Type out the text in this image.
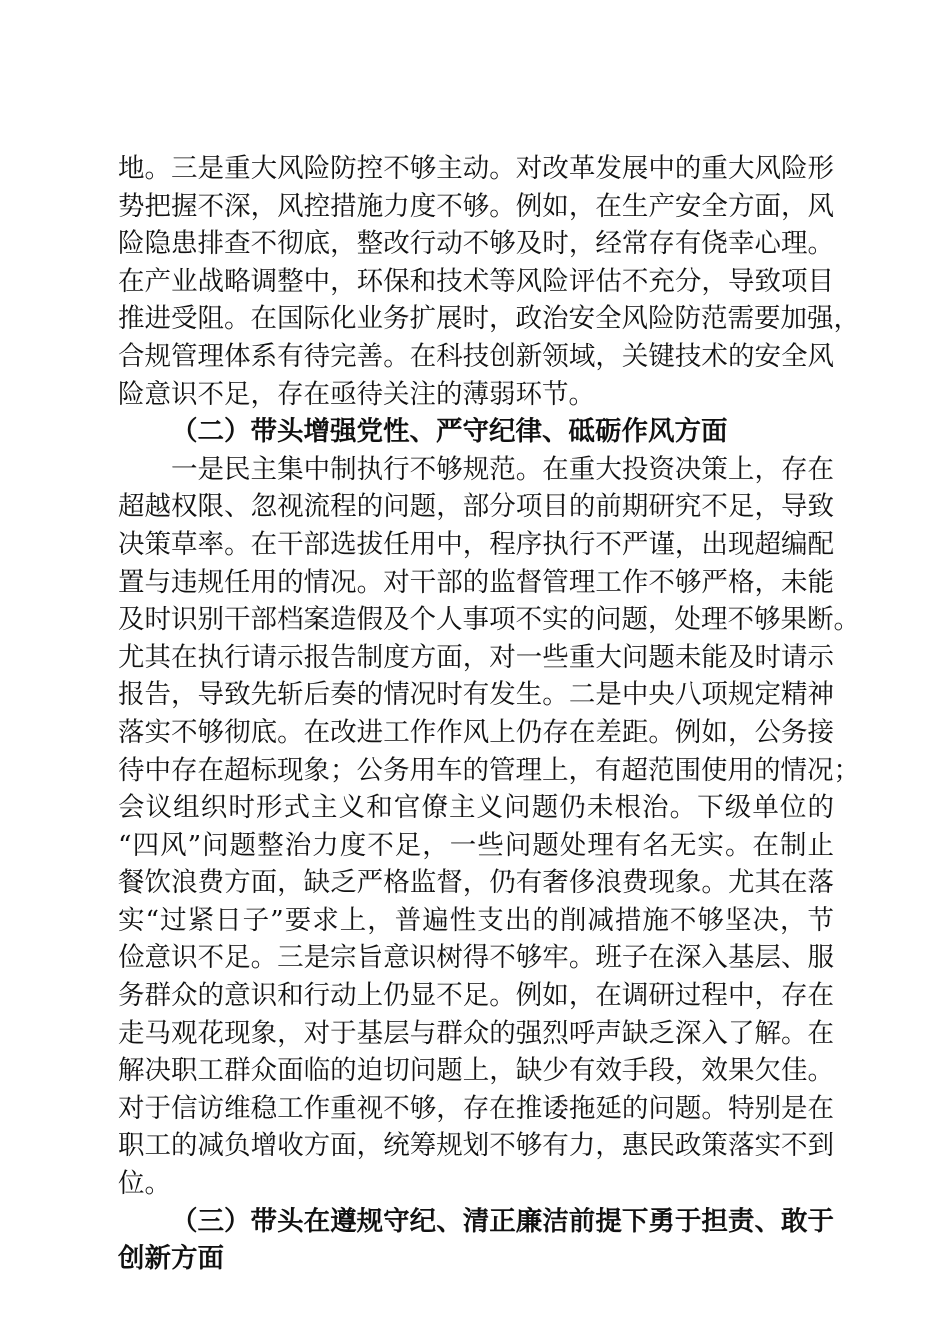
地。三是重大风险防控不够主动。对改革发展中的重大风险形
势把握不深，风控措施力度不够。例如，在生产安全方面，风
险隐患排查不彻底，整改行动不够及时，经常存有侥幸心理。
在产业战略调整中，环保和技术等风险评估不充分，导致项目
推进受阻。在国际化业务扩展时，政治安全风险防范需要加强，
合规管理体系有待完善。在科技创新领域，关键技术的安全风
险意识不足，存在亟待关注的薄弱环节。
（二）带头增强党性、严守纪律、砥砺作风方面
一是民主集中制执行不够规范。在重大投资决策上，存在
超越权限、忽视流程的问题，部分项目的前期研究不足，导致
决策草率。在干部选拔任用中，程序执行不严谨，出现超编配
置与违规任用的情况。对干部的监督管理工作不够严格，未能
及时识别干部档案造假及个人事项不实的问题，处理不够果断。
尤其在执行请示报告制度方面，对一些重大问题未能及时请示
报告，导致先斩后奏的情况时有发生。二是中央八项规定精神
落实不够彻底。在改进工作作风上仍存在差距。例如，公务接
待中存在超标现象；公务用车的管理上，有超范围使用的情况；
会议组织时形式主义和官僚主义问题仍未根治。下级单位的
“四风”问题整治力度不足，一些问题处理有名无实。在制止
餐饮浪费方面，缺乏严格监督，仍有奢侈浪费现象。尤其在落
实“过紧日子”要求上，普遍性支出的削减措施不够坚决，节
俭意识不足。三是宗旨意识树得不够牢。班子在深入基层、服
务群众的意识和行动上仍显不足。例如，在调研过程中，存在
走马观花现象，对于基层与群众的强烈呼声缺乏深入了解。在
解决职工群众面临的迫切问题上，缺少有效手段，效果欠佳。
对于信访维稳工作重视不够，存在推诿拖延的问题。特别是在
职工的减负增收方面，统筹规划不够有力，惠民政策落实不到
位。
（三）带头在遵规守纪、清正廉洁前提下勇于担责、敢于
创新方面
